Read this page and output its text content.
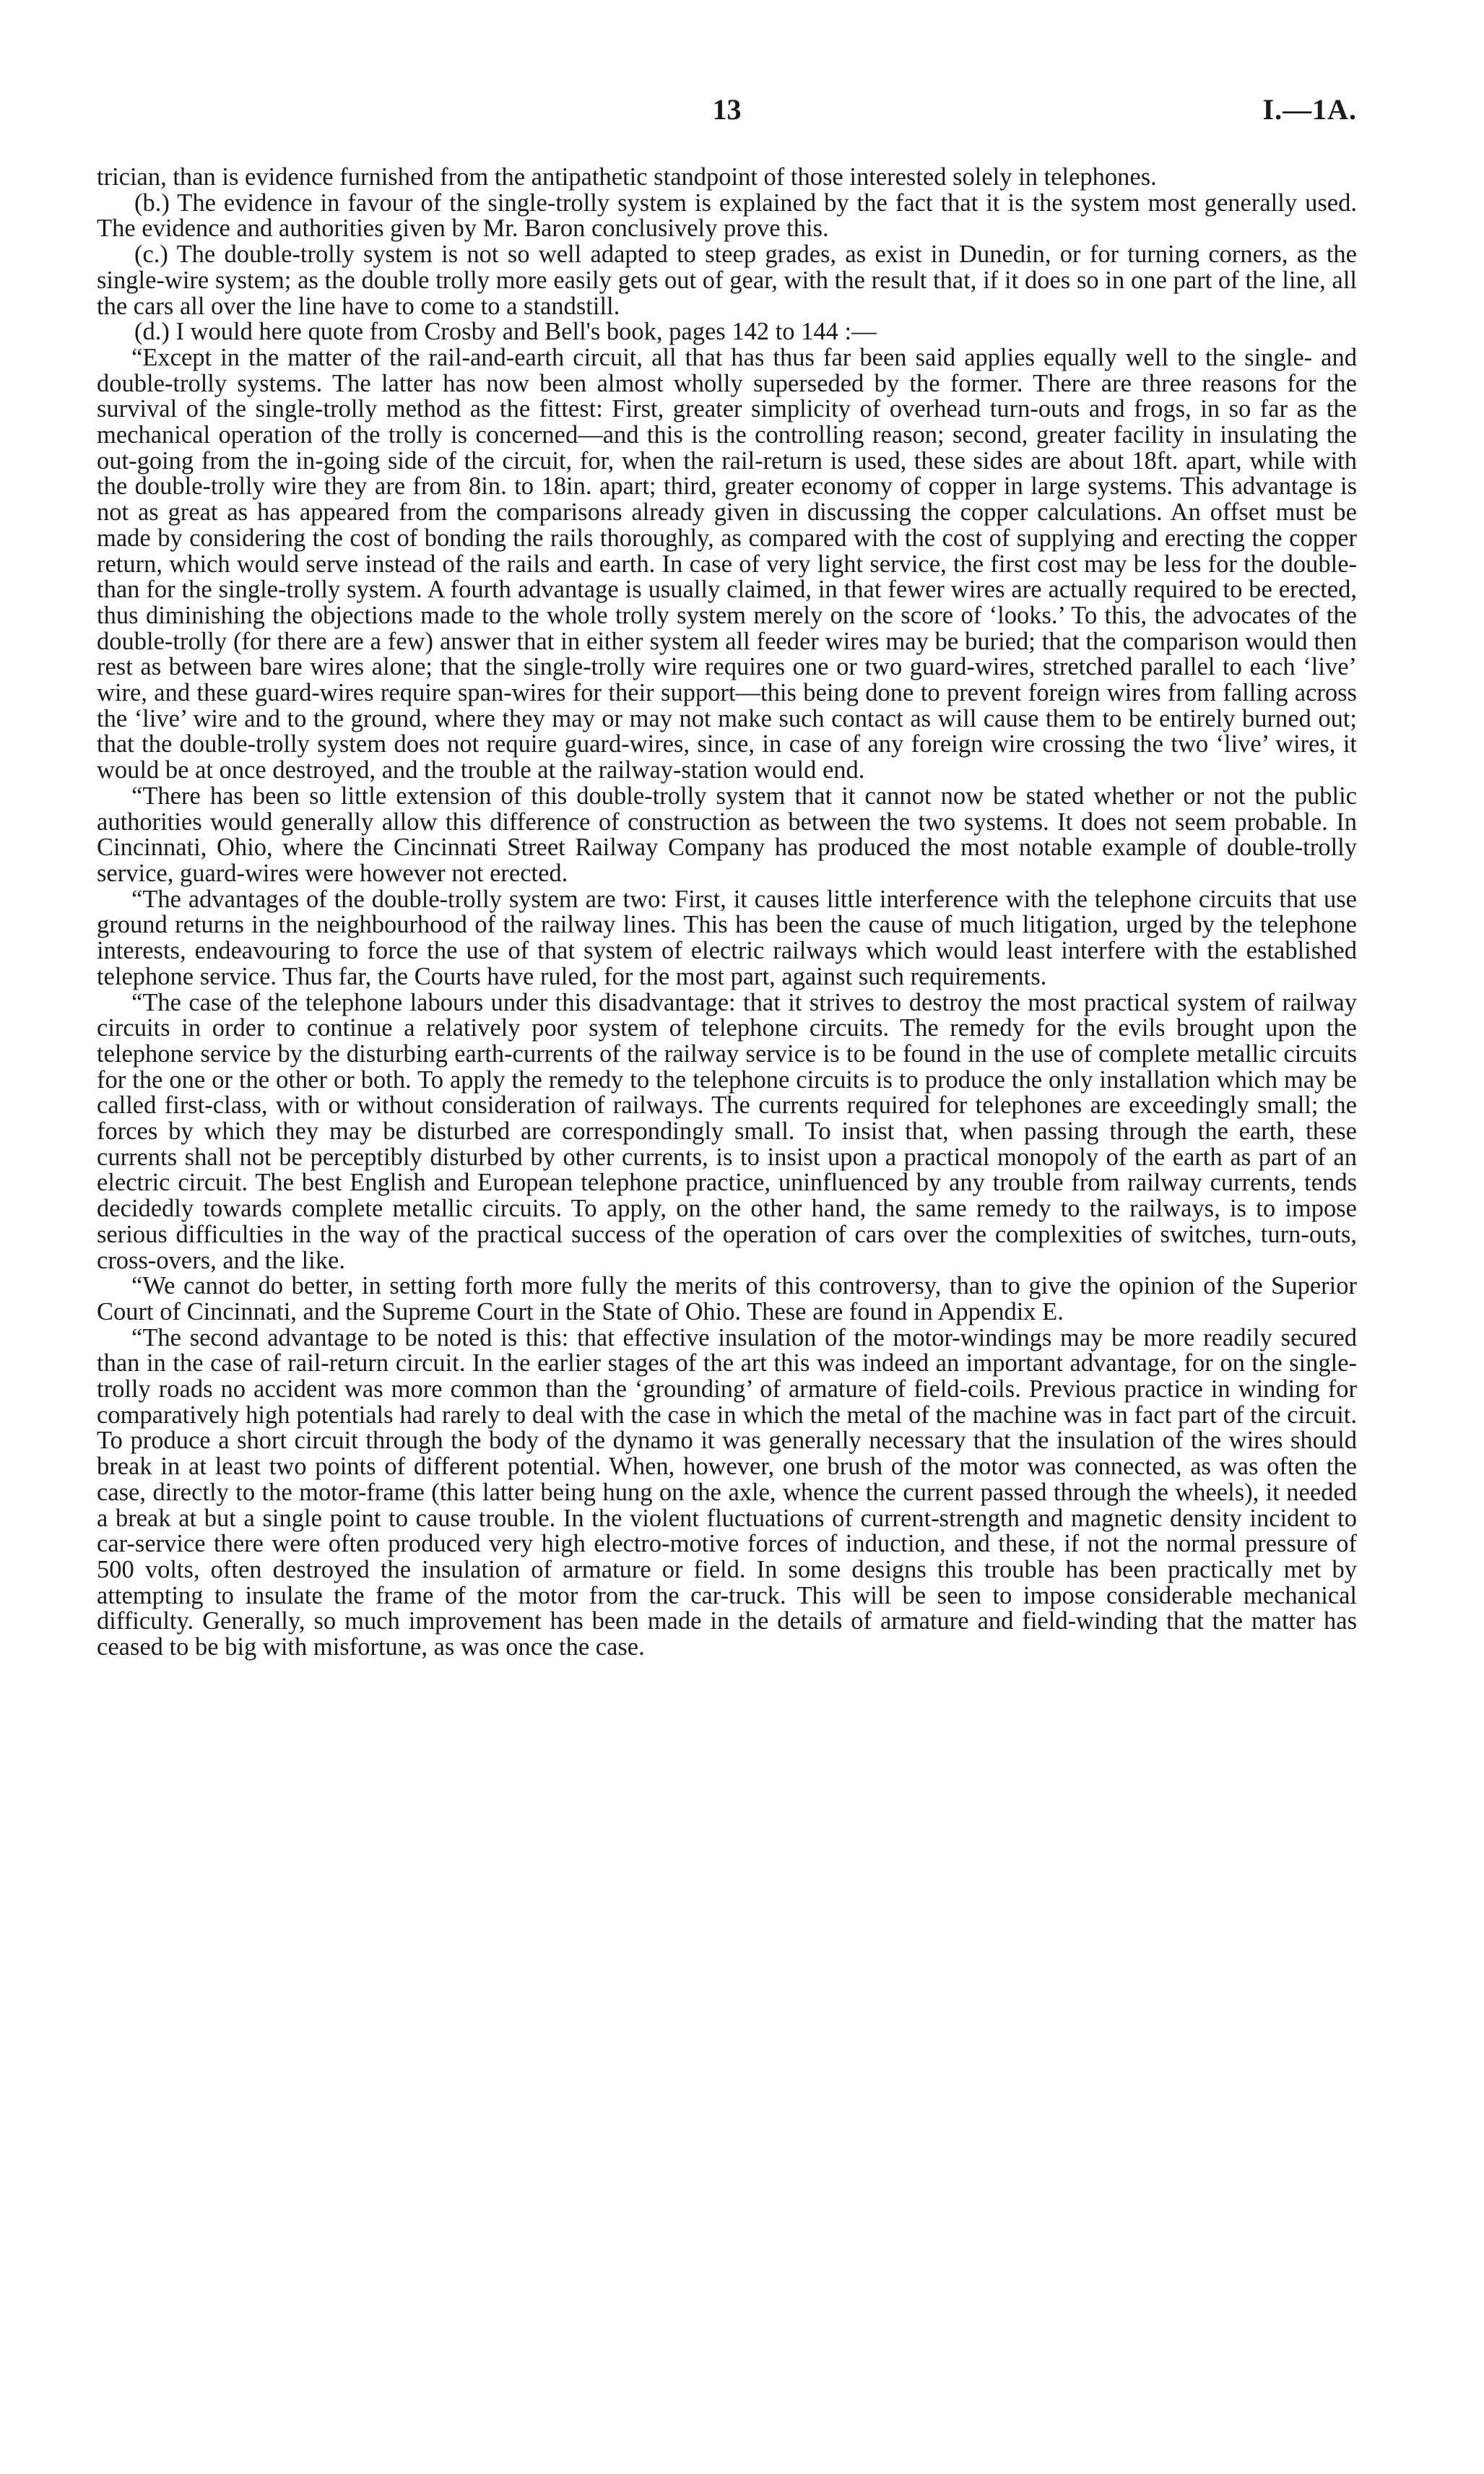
13	I.—1A.

trician, than is evidence furnished from the antipathetic standpoint of those interested solely in telephones.

(b.) The evidence in favour of the single-trolly system is explained by the fact that it is the system most generally used. The evidence and authorities given by Mr. Baron conclusively prove this.

(c.) The double-trolly system is not so well adapted to steep grades, as exist in Dunedin, or for turning corners, as the single-wire system; as the double trolly more easily gets out of gear, with the result that, if it does so in one part of the line, all the cars all over the line have to come to a standstill.

(d.) I would here quote from Crosby and Bell's book, pages 142 to 144 :—

“Except in the matter of the rail-and-earth circuit, all that has thus far been said applies equally well to the single- and double-trolly systems. The latter has now been almost wholly superseded by the former. There are three reasons for the survival of the single-trolly method as the fittest: First, greater simplicity of overhead turn-outs and frogs, in so far as the mechanical operation of the trolly is concerned—and this is the controlling reason; second, greater facility in insulating the out-going from the in-going side of the circuit, for, when the rail-return is used, these sides are about 18ft. apart, while with the double-trolly wire they are from 8in. to 18in. apart; third, greater economy of copper in large systems. This advantage is not as great as has appeared from the comparisons already given in discussing the copper calculations. An offset must be made by considering the cost of bonding the rails thoroughly, as compared with the cost of supplying and erecting the copper return, which would serve instead of the rails and earth. In case of very light service, the first cost may be less for the double- than for the single-trolly system. A fourth advantage is usually claimed, in that fewer wires are actually required to be erected, thus diminishing the objections made to the whole trolly system merely on the score of ‘looks.’ To this, the advocates of the double-trolly (for there are a few) answer that in either system all feeder wires may be buried; that the comparison would then rest as between bare wires alone; that the single-trolly wire requires one or two guard-wires, stretched parallel to each ‘live’ wire, and these guard-wires require span-wires for their support—this being done to prevent foreign wires from falling across the ‘live’ wire and to the ground, where they may or may not make such contact as will cause them to be entirely burned out; that the double-trolly system does not require guard-wires, since, in case of any foreign wire crossing the two ‘live’ wires, it would be at once destroyed, and the trouble at the railway-station would end.

“There has been so little extension of this double-trolly system that it cannot now be stated whether or not the public authorities would generally allow this difference of construction as between the two systems. It does not seem probable. In Cincinnati, Ohio, where the Cincinnati Street Railway Company has produced the most notable example of double-trolly service, guard-wires were however not erected.

“The advantages of the double-trolly system are two: First, it causes little interference with the telephone circuits that use ground returns in the neighbourhood of the railway lines. This has been the cause of much litigation, urged by the telephone interests, endeavouring to force the use of that system of electric railways which would least interfere with the established telephone service. Thus far, the Courts have ruled, for the most part, against such requirements.

“The case of the telephone labours under this disadvantage: that it strives to destroy the most practical system of railway circuits in order to continue a relatively poor system of telephone circuits. The remedy for the evils brought upon the telephone service by the disturbing earth-currents of the railway service is to be found in the use of complete metallic circuits for the one or the other or both. To apply the remedy to the telephone circuits is to produce the only installation which may be called first-class, with or without consideration of railways. The currents required for telephones are exceedingly small; the forces by which they may be disturbed are correspondingly small. To insist that, when passing through the earth, these currents shall not be perceptibly disturbed by other currents, is to insist upon a practical monopoly of the earth as part of an electric circuit. The best English and European telephone practice, uninfluenced by any trouble from railway currents, tends decidedly towards complete metallic circuits. To apply, on the other hand, the same remedy to the railways, is to impose serious difficulties in the way of the practical success of the operation of cars over the complexities of switches, turn-outs, cross-overs, and the like.

“We cannot do better, in setting forth more fully the merits of this controversy, than to give the opinion of the Superior Court of Cincinnati, and the Supreme Court in the State of Ohio. These are found in Appendix E.

“The second advantage to be noted is this: that effective insulation of the motor-windings may be more readily secured than in the case of rail-return circuit. In the earlier stages of the art this was indeed an important advantage, for on the single-trolly roads no accident was more common than the ‘grounding’ of armature of field-coils. Previous practice in winding for comparatively high potentials had rarely to deal with the case in which the metal of the machine was in fact part of the circuit. To produce a short circuit through the body of the dynamo it was generally necessary that the insulation of the wires should break in at least two points of different potential. When, however, one brush of the motor was connected, as was often the case, directly to the motor-frame (this latter being hung on the axle, whence the current passed through the wheels), it needed a break at but a single point to cause trouble. In the violent fluctuations of current-strength and magnetic density incident to car-service there were often produced very high electro-motive forces of induction, and these, if not the normal pressure of 500 volts, often destroyed the insulation of armature or field. In some designs this trouble has been practically met by attempting to insulate the frame of the motor from the car-truck. This will be seen to impose considerable mechanical difficulty. Generally, so much improvement has been made in the details of armature and field-winding that the matter has ceased to be big with misfortune, as was once the case.
